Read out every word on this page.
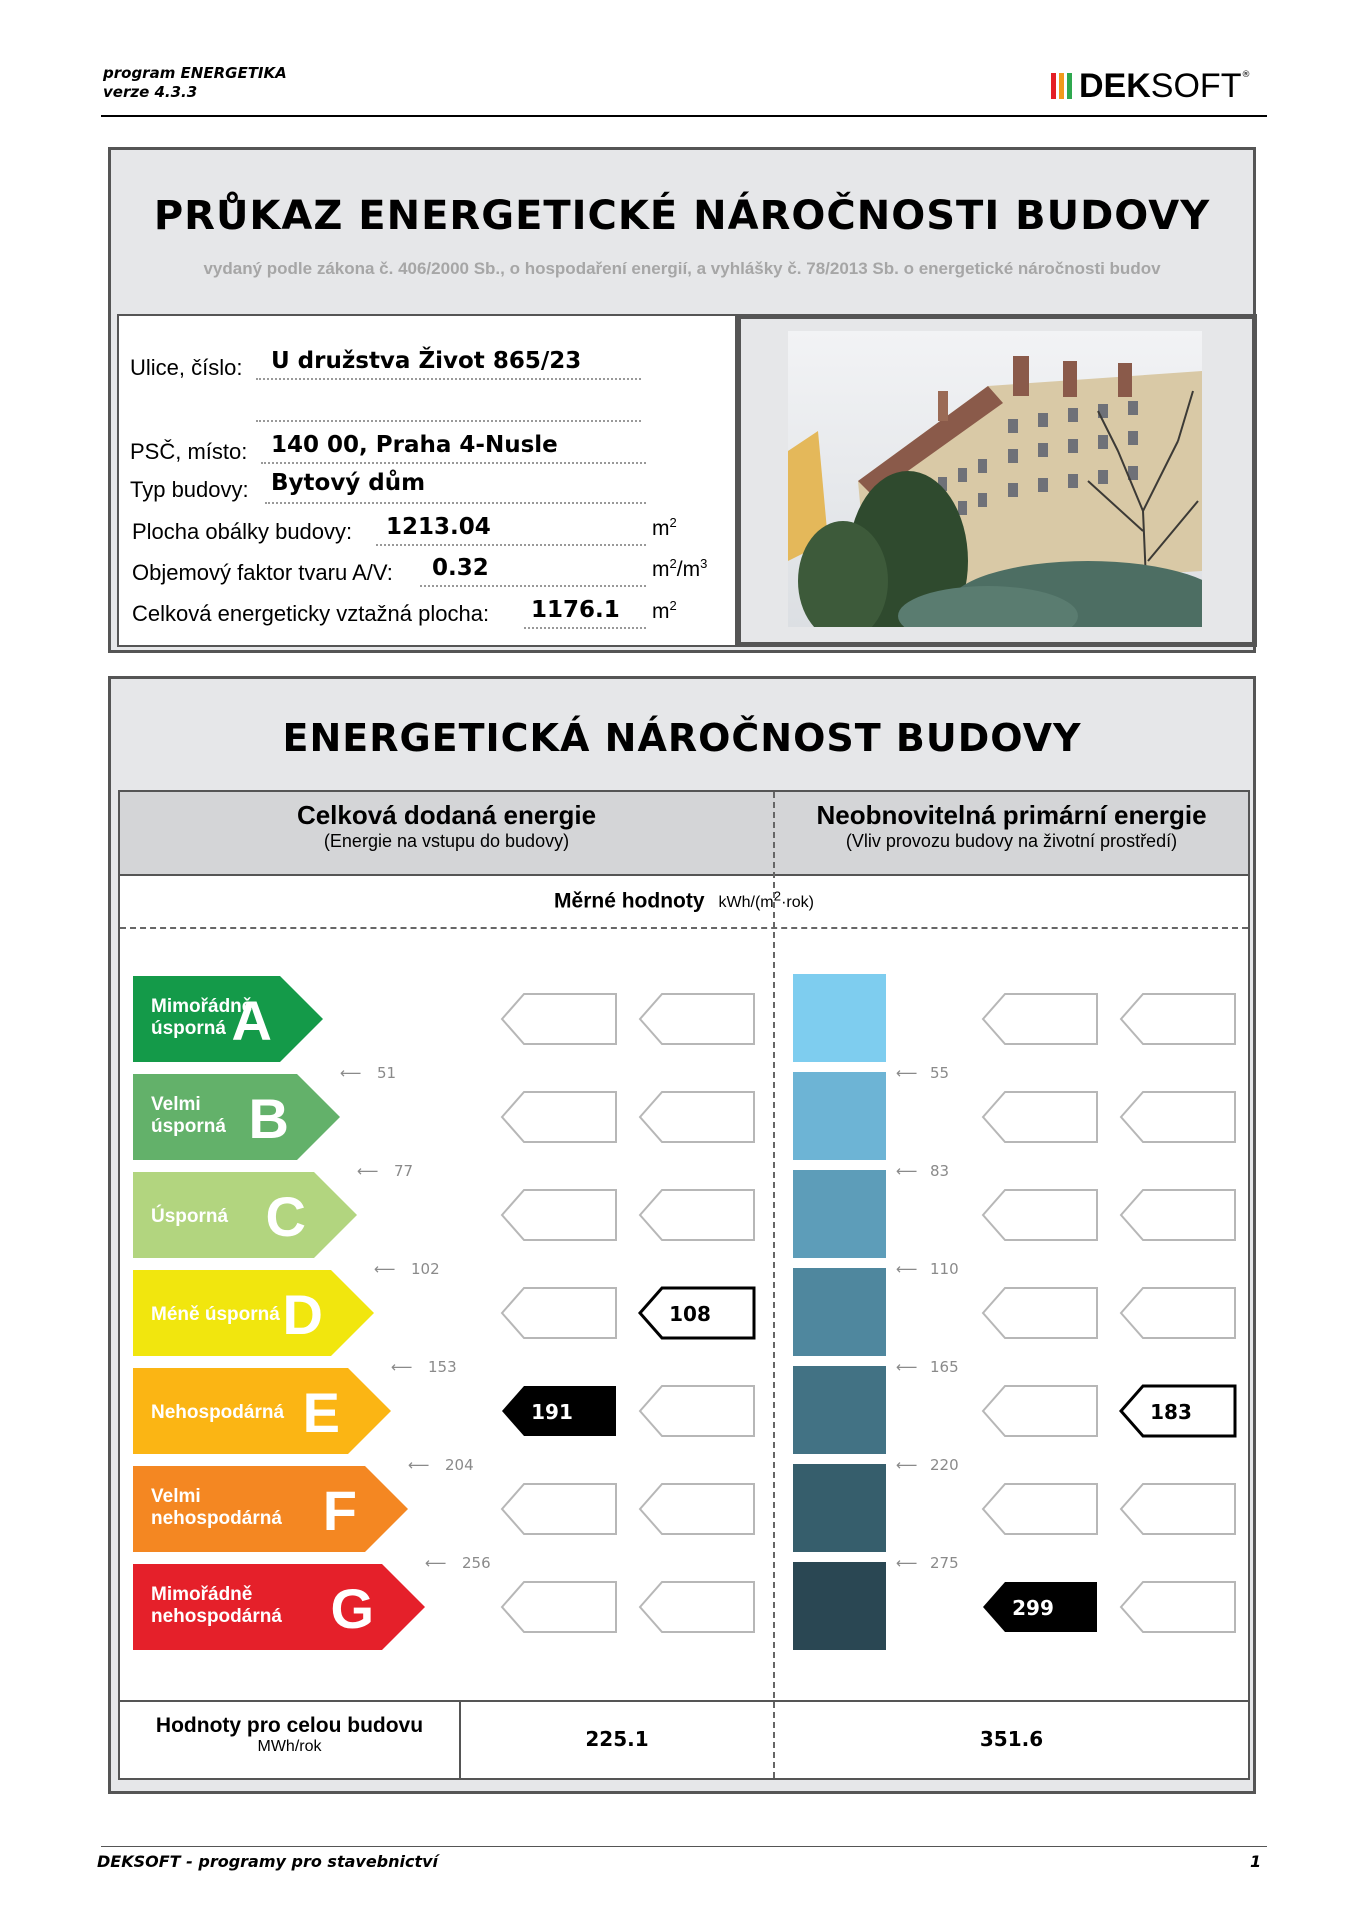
program ENERGETIKA
verze 4.3.3	DEK SOFT ®
PRŮKAZ ENERGETICKÉ NÁROČNOSTI BUDOVY
vydaný podle zákona č. 406/2000 Sb., o hospodaření energií, a vyhlášky č. 78/2013 Sb. o energetické náročnosti budov
Ulice, číslo: U družstva Život 865/23
PSČ, místo: 140 00, Praha 4-Nusle
Typ budovy: Bytový dům
Plocha obálky budovy: 1213.04	$m^2$
Objemový faktor tvaru A/V: 0.32	$m^2/m^3$
Celková energeticky vztažná plocha: 1176.1 $m^2$
ENERGETICKÁ NÁROČNOST BUDOVY
Celková dodaná energie
(Energie na vstupu do budovy)
Neobnovitelná primární energie
(Vliv provozu budovy na životní prostředí)
Měrné hodnoty kWh/$(m^2\cdot rok)$
Mimořádně
úsporná A
Velmi
úsporná B
Úsporná C
Méně úsporná D
Nehospodárná E
Velmi
nehospodárná F
Mimořádně
nehospodárná G
⟵ 51
⟵ 77
⟵ 102
⟵ 153
⟵ 204
⟵ 256
⟵ 55
⟵ 83
⟵ 110
⟵ 165
⟵ 220
⟵ 275
108
191	183
299
Hodnoty pro celou budovu
MWh/rok	225.1	351.6
DEKSOFT - programy pro stavebnictví	1
